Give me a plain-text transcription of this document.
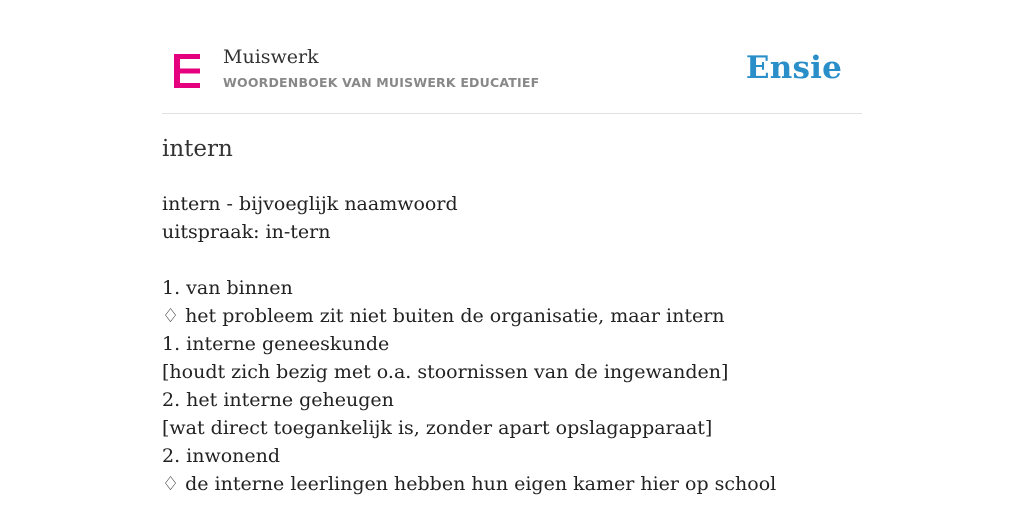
Muiswerk
WOORDENBOEK VAN MUISWERK EDUCATIEF	Ensie
intern
intern - bijvoeglijk naamwoord
uitspraak: in-tern
1. van binnen
♢ het probleem zit niet buiten de organisatie, maar intern
1. interne geneeskunde
[houdt zich bezig met o.a. stoornissen van de ingewanden]
2. het interne geheugen
[wat direct toegankelijk is, zonder apart opslagapparaat]
2. inwonend
♢ de interne leerlingen hebben hun eigen kamer hier op school
